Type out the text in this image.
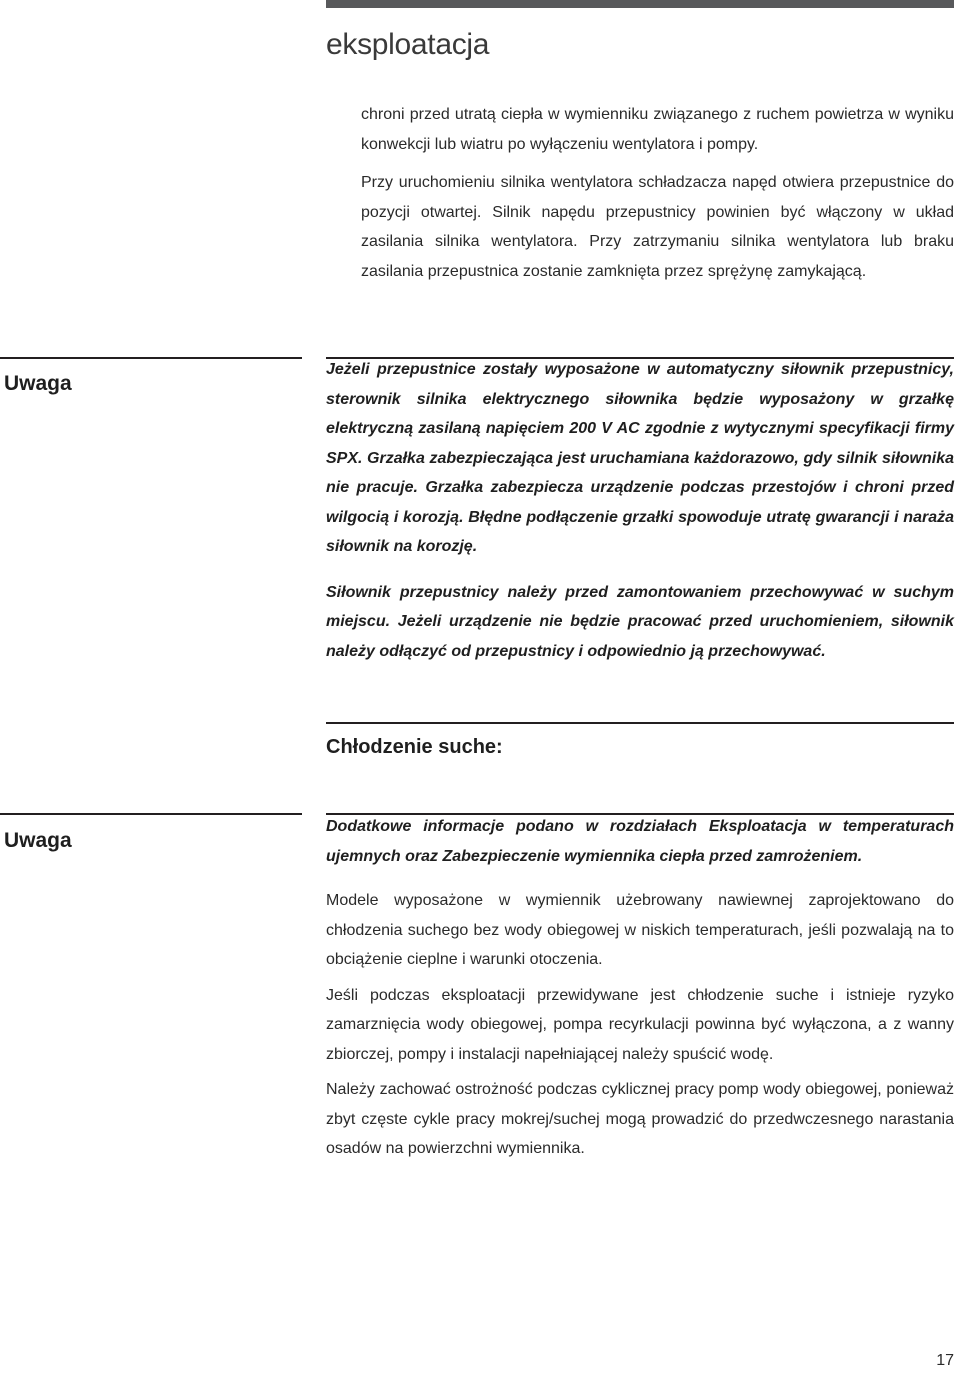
eksploatacja

chroni przed utratą ciepła w wymienniku związanego z ruchem powietrza w wyniku konwekcji lub wiatru po wyłączeniu wentylatora i pompy.

Przy uruchomieniu silnika wentylatora schładzacza napęd otwiera przepustnice do pozycji otwartej. Silnik napędu przepustnicy powinien być włączony w układ zasilania silnika wentylatora. Przy zatrzymaniu silnika wentylatora lub braku zasilania przepustnica zostanie zamknięta przez sprężynę zamykającą.

Uwaga

Jeżeli przepustnice zostały wyposażone w automatyczny siłownik przepustnicy, sterownik silnika elektrycznego siłownika będzie wyposażony w grzałkę elektryczną zasilaną napięciem 200 V AC zgodnie z wytycznymi specyfikacji firmy SPX. Grzałka zabezpieczająca jest uruchamiana każdorazowo, gdy silnik siłownika nie pracuje. Grzałka zabezpiecza urządzenie podczas przestojów i chroni przed wilgocią i korozją. Błędne podłączenie grzałki spowoduje utratę gwarancji i naraża siłownik na korozję.

Siłownik przepustnicy należy przed zamontowaniem przechowywać w suchym miejscu. Jeżeli urządzenie nie będzie pracować przed uruchomieniem, siłownik należy odłączyć od przepustnicy i odpowiednio ją przechowywać.

Chłodzenie suche:
Uwaga

Dodatkowe informacje podano w rozdziałach Eksploatacja w temperaturach ujemnych oraz Zabezpieczenie wymiennika ciepła przed zamrożeniem.

Modele wyposażone w wymiennik użebrowany nawiewnej zaprojektowano do chłodzenia suchego bez wody obiegowej w niskich temperaturach, jeśli pozwalają na to obciążenie cieplne i warunki otoczenia.

Jeśli podczas eksploatacji przewidywane jest chłodzenie suche i istnieje ryzyko zamarznięcia wody obiegowej, pompa recyrkulacji powinna być wyłączona, a z wanny zbiorczej, pompy i instalacji napełniającej należy spuścić wodę.

Należy zachować ostrożność podczas cyklicznej pracy pomp wody obiegowej, ponieważ zbyt częste cykle pracy mokrej/suchej mogą prowadzić do przedwczesnego narastania osadów na powierzchni wymiennika.

17
